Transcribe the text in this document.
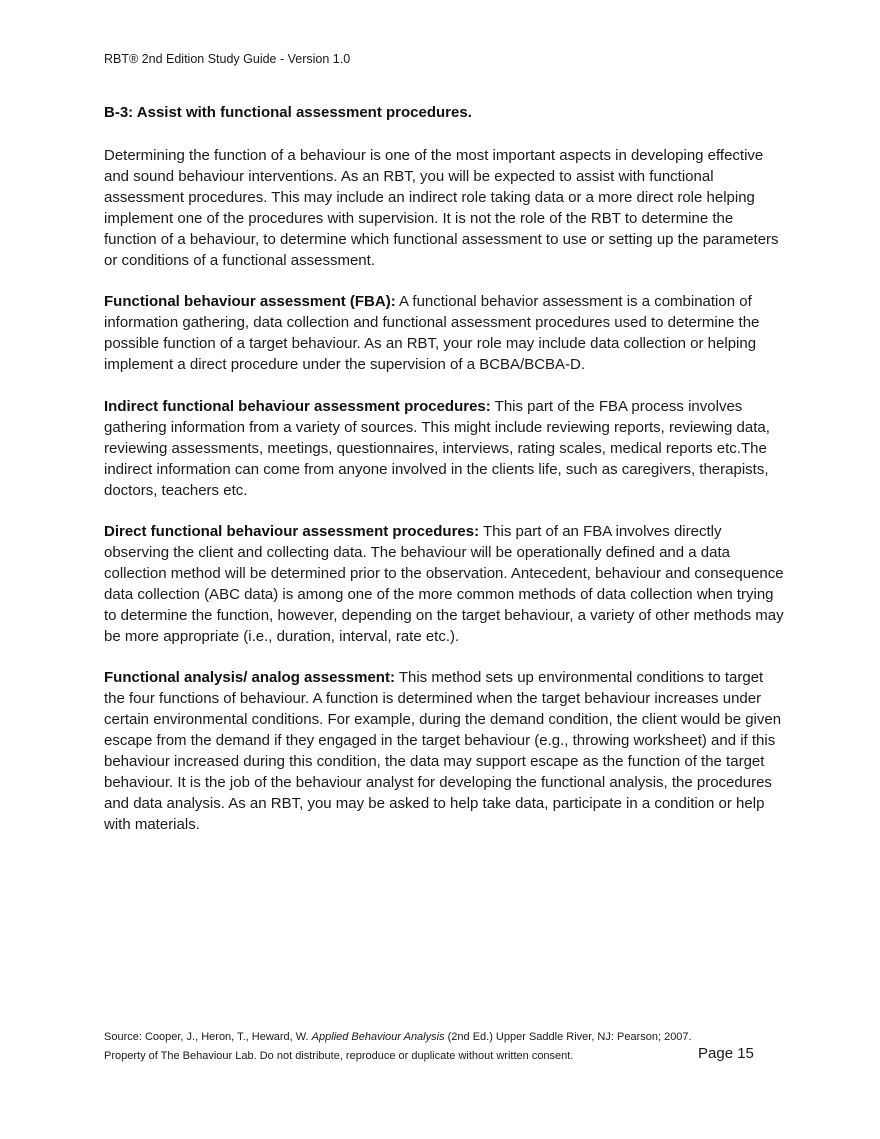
RBT® 2nd Edition Study Guide - Version 1.0
B-3: Assist with functional assessment procedures.
Determining the function of a behaviour is one of the most important aspects in developing effective and sound behaviour interventions. As an RBT, you will be expected to assist with functional assessment procedures. This may include an indirect role taking data or a more direct role helping implement one of the procedures with supervision. It is not the role of the RBT to determine the function of a behaviour, to determine which functional assessment to use or setting up the parameters or conditions of a functional assessment.
Functional behaviour assessment (FBA): A functional behavior assessment is a combination of information gathering, data collection and functional assessment procedures used to determine the possible function of a target behaviour. As an RBT, your role may include data collection or helping implement a direct procedure under the supervision of a BCBA/BCBA-D.
Indirect functional behaviour assessment procedures: This part of the FBA process involves gathering information from a variety of sources. This might include reviewing reports, reviewing data, reviewing assessments, meetings, questionnaires, interviews, rating scales, medical reports etc.The indirect information can come from anyone involved in the clients life, such as caregivers, therapists, doctors, teachers etc.
Direct functional behaviour assessment procedures: This part of an FBA involves directly observing the client and collecting data. The behaviour will be operationally defined and a data collection method will be determined prior to the observation. Antecedent, behaviour and consequence data collection (ABC data) is among one of the more common methods of data collection when trying to determine the function, however, depending on the target behaviour, a variety of other methods may be more appropriate (i.e., duration, interval, rate etc.).
Functional analysis/ analog assessment: This method sets up environmental conditions to target the four functions of behaviour. A function is determined when the target behaviour increases under certain environmental conditions. For example, during the demand condition, the client would be given escape from the demand if they engaged in the target behaviour (e.g., throwing worksheet) and if this behaviour increased during this condition, the data may support escape as the function of the target behaviour. It is the job of the behaviour analyst for developing the functional analysis, the procedures and data analysis. As an RBT, you may be asked to help take data, participate in a condition or help with materials.
Source: Cooper, J., Heron, T., Heward, W. Applied Behaviour Analysis (2nd Ed.) Upper Saddle River, NJ: Pearson; 2007.
Property of The Behaviour Lab. Do not distribute, reproduce or duplicate without written consent.	Page 15
